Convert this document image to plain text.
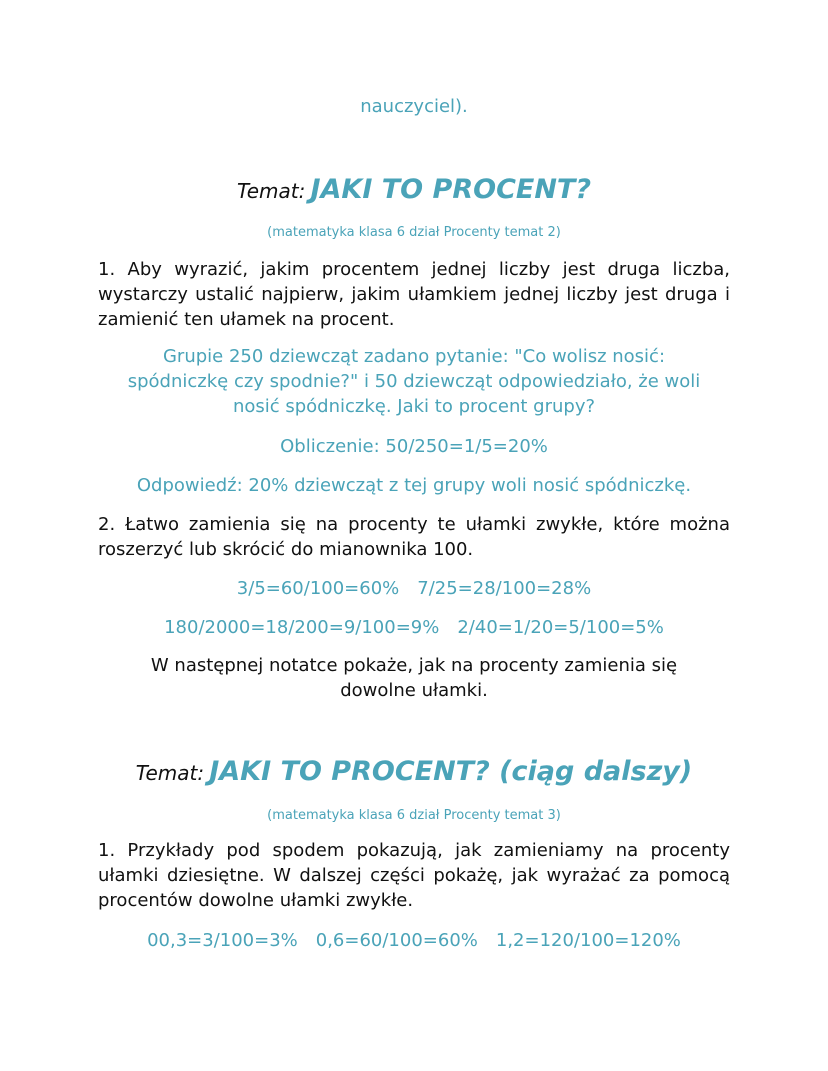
nauczyciel).
Temat: JAKI TO PROCENT?
(matematyka klasa 6 dział Procenty temat 2)
1. Aby wyrazić, jakim procentem jednej liczby jest druga liczba, wystarczy ustalić najpierw, jakim ułamkiem jednej liczby jest druga i zamienić ten ułamek na procent.
Grupie 250 dziewcząt zadano pytanie: "Co wolisz nosić: spódniczkę czy spodnie?" i 50 dziewcząt odpowiedziało, że woli nosić spódniczkę. Jaki to procent grupy?
Obliczenie: 50/250=1/5=20%
Odpowiedź: 20% dziewcząt z tej grupy woli nosić spódniczkę.
2. Łatwo zamienia się na procenty te ułamki zwykłe, które można roszerzyć lub skrócić do mianownika 100.
3/5=60/100=60% 7/25=28/100=28%
180/2000=18/200=9/100=9% 2/40=1/20=5/100=5%
W następnej notatce pokaże, jak na procenty zamienia się dowolne ułamki.
Temat: JAKI TO PROCENT? (ciąg dalszy)
(matematyka klasa 6 dział Procenty temat 3)
1. Przykłady pod spodem pokazują, jak zamieniamy na procenty ułamki dziesiętne. W dalszej części pokażę, jak wyrażać za pomocą procentów dowolne ułamki zwykłe.
00,3=3/100=3% 0,6=60/100=60% 1,2=120/100=120%
